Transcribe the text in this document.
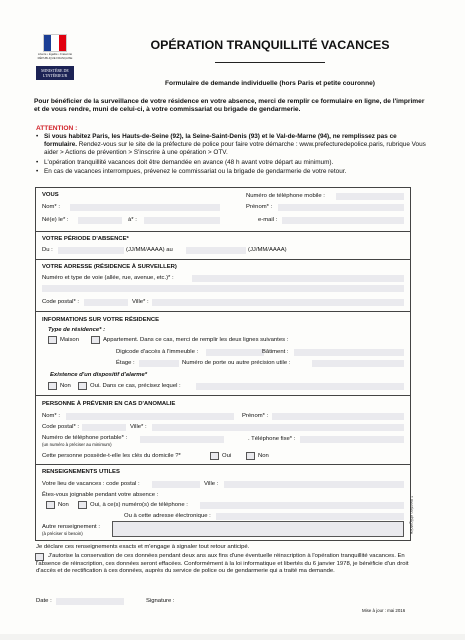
Liberté • Égalité • Fraternité
RÉPUBLIQUE FRANÇAISE
MINISTÈRE DE L'INTÉRIEUR
OPÉRATION TRANQUILLITÉ VACANCES
Formulaire de demande individuelle (hors Paris et petite couronne)
Pour bénéficier de la surveillance de votre résidence en votre absence, merci de remplir ce formulaire en ligne, de l'imprimer et de vous rendre, muni de celui-ci, à votre commissariat ou brigade de gendarmerie.
ATTENTION :
• Si vous habitez Paris, les Hauts-de-Seine (92), la Seine-Saint-Denis (93) et le Val-de-Marne (94), ne remplissez pas ce formulaire. Rendez-vous sur le site de la préfecture de police pour faire votre démarche : www.prefecturedepolice.paris, rubrique Vous aider > Actions de prévention > S'inscrire à une opération > OTV.
• L'opération tranquillité vacances doit être demandée en avance (48 h avant votre départ au minimum).
• En cas de vacances interrompues, prévenez le commissariat ou la brigade de gendarmerie de votre retour.
VOUS
Nom* :
Né(e) le* :	à* :
Numéro de téléphone mobile :
Prénom* :
e-mail :
VOTRE PÉRIODE D'ABSENCE*
Du :	(JJ/MM/AAAA) au	(JJ/MM/AAAA)
VOTRE ADRESSE (RÉSIDENCE À SURVEILLER)
Numéro et type de voie (allée, rue, avenue, etc.)* :
Code postal* :	Ville* :
INFORMATIONS SUR VOTRE RÉSIDENCE
Type de résidence* :
Maison	Appartement. Dans ce cas, merci de remplir les deux lignes suivantes :
Digicode d'accès à l'immeuble :	Bâtiment :
Étage :	Numéro de porte ou autre précision utile :
Existence d'un dispositif d'alarme*
Non	Oui. Dans ce cas, précisez lequel :
PERSONNE À PRÉVENIR EN CAS D'ANOMALIE
Nom* :	Prénom* :
Code postal* :	Ville* :
Numéro de téléphone portable* :
(un numéro à préciser au minimum)
. Téléphone fixe* :
Cette personne possède-t-elle les clés du domicile ?*	Oui	Non
RENSEIGNEMENTS UTILES
Votre lieu de vacances : code postal :	Ville :
Êtes-vous joignable pendant votre absence :
Non	Oui, à ce(s) numéro(s) de téléphone :
Ou à cette adresse électronique :
Autre renseignement :
(à préciser si besoin)	* mention obligatoire
Je déclare ces renseignements exacts et m'engage à signaler tout retour anticipé.
J'autorise la conservation de ces données pendant deux ans aux fins d'une éventuelle réinscription à l'opération tranquillité vacances. En l'absence de réinscription, ces données seront effacées. Conformément à la loi informatique et libertés du 6 janvier 1978, je bénéficie d'un droit d'accès et de rectification à ces données, auprès du service de police ou de gendarmerie qui a traité ma demande.
Date :	Signature :
Mise à jour : mai 2016
